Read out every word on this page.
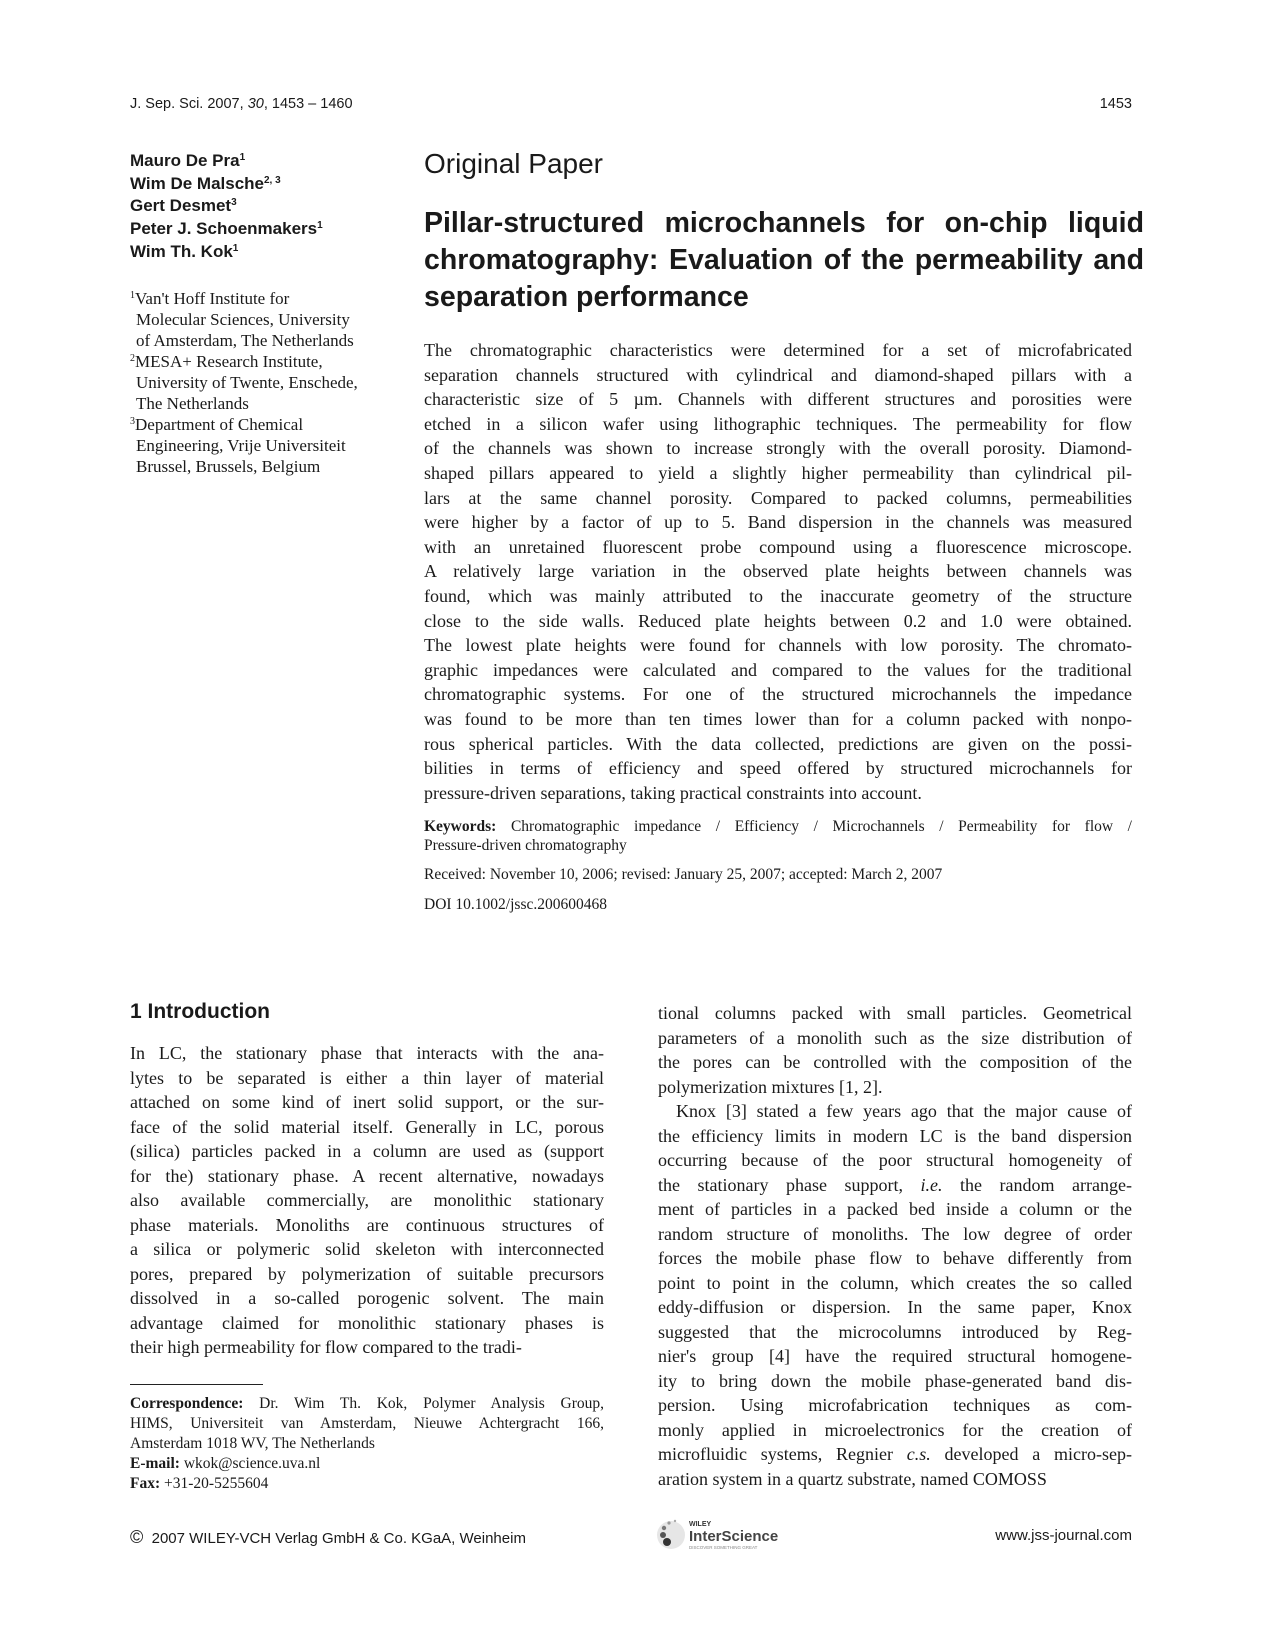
J. Sep. Sci. 2007, 30, 1453 – 1460	1453
Mauro De Pra$^1$
Wim De Malsche$^{2, 3}$
Gert Desmet$^3$
Peter J. Schoenmakers$^1$
Wim Th. Kok$^1$
$^1$Van't Hoff Institute for
Molecular Sciences, University
of Amsterdam, The Netherlands
$^2$MESA+ Research Institute,
University of Twente, Enschede,
The Netherlands
$^3$Department of Chemical
Engineering, Vrije Universiteit
Brussel, Brussels, Belgium
Original Paper
Pillar-structured microchannels for on-chip liquid
chromatography: Evaluation of the permeability and
separation performance
The chromatographic characteristics were determined for a set of microfabricated
separation channels structured with cylindrical and diamond-shaped pillars with a
characteristic size of 5 µm. Channels with different structures and porosities were
etched in a silicon wafer using lithographic techniques. The permeability for flow
of the channels was shown to increase strongly with the overall porosity. Diamond-
shaped pillars appeared to yield a slightly higher permeability than cylindrical pil-
lars at the same channel porosity. Compared to packed columns, permeabilities
were higher by a factor of up to 5. Band dispersion in the channels was measured
with an unretained fluorescent probe compound using a fluorescence microscope.
A relatively large variation in the observed plate heights between channels was
found, which was mainly attributed to the inaccurate geometry of the structure
close to the side walls. Reduced plate heights between 0.2 and 1.0 were obtained.
The lowest plate heights were found for channels with low porosity. The chromato-
graphic impedances were calculated and compared to the values for the traditional
chromatographic systems. For one of the structured microchannels the impedance
was found to be more than ten times lower than for a column packed with nonpo-
rous spherical particles. With the data collected, predictions are given on the possi-
bilities in terms of efficiency and speed offered by structured microchannels for
pressure-driven separations, taking practical constraints into account.
Keywords: Chromatographic impedance / Efficiency / Microchannels / Permeability for flow /
Pressure-driven chromatography
Received: November 10, 2006; revised: January 25, 2007; accepted: March 2, 2007
DOI 10.1002/jssc.200600468
1 Introduction
In LC, the stationary phase that interacts with the ana-
lytes to be separated is either a thin layer of material
attached on some kind of inert solid support, or the sur-
face of the solid material itself. Generally in LC, porous
(silica) particles packed in a column are used as (support
for the) stationary phase. A recent alternative, nowadays
also available commercially, are monolithic stationary
phase materials. Monoliths are continuous structures of
a silica or polymeric solid skeleton with interconnected
pores, prepared by polymerization of suitable precursors
dissolved in a so-called porogenic solvent. The main
advantage claimed for monolithic stationary phases is
their high permeability for flow compared to the tradi-
tional columns packed with small particles. Geometrical
parameters of a monolith such as the size distribution of
the pores can be controlled with the composition of the
polymerization mixtures [1, 2].
Knox [3] stated a few years ago that the major cause of
the efficiency limits in modern LC is the band dispersion
occurring because of the poor structural homogeneity of
the stationary phase support, i.e. the random arrange-
ment of particles in a packed bed inside a column or the
random structure of monoliths. The low degree of order
forces the mobile phase flow to behave differently from
point to point in the column, which creates the so called
eddy-diffusion or dispersion. In the same paper, Knox
suggested that the microcolumns introduced by Reg-
nier's group [4] have the required structural homogene-
ity to bring down the mobile phase-generated band dis-
persion. Using microfabrication techniques as com-
monly applied in microelectronics for the creation of
microfluidic systems, Regnier c.s. developed a micro-sep-
aration system in a quartz substrate, named COMOSS
Correspondence: Dr. Wim Th. Kok, Polymer Analysis Group,
HIMS, Universiteit van Amsterdam, Nieuwe Achtergracht 166,
Amsterdam 1018 WV, The Netherlands
E-mail: wkok@science.uva.nl
Fax: +31-20-5255604
© 2007 WILEY-VCH Verlag GmbH & Co. KGaA, Weinheim
WILEY
InterScience
DISCOVER SOMETHING GREAT
www.jss-journal.com
